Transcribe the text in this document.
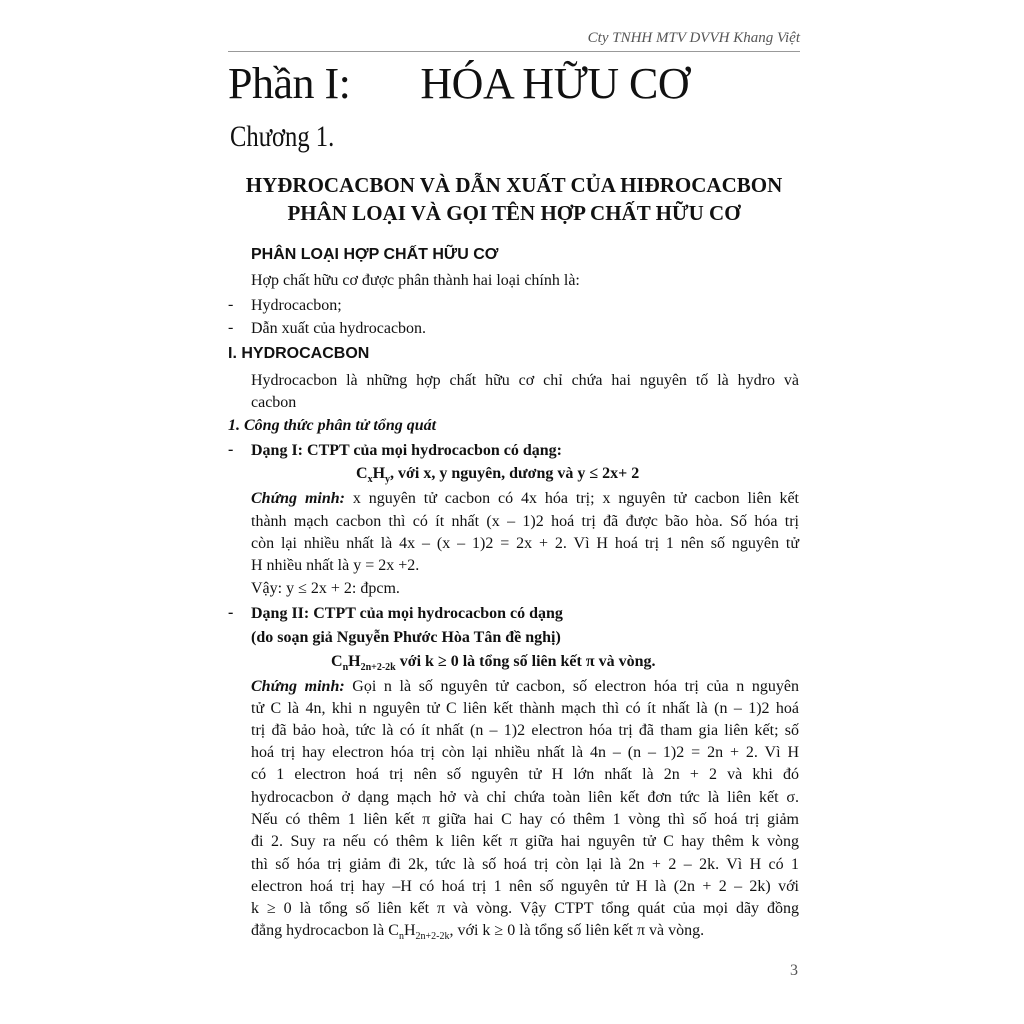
Cty TNHH MTV DVVH Khang Việt
Phần I: HÓA HỮU CƠ
Chương 1.
HYĐROCACBON VÀ DẪN XUẤT CỦA HIĐROCACBON
PHÂN LOẠI VÀ GỌI TÊN HỢP CHẤT HỮU CƠ
PHÂN LOẠI HỢP CHẤT HỮU CƠ
Hợp chất hữu cơ được phân thành hai loại chính là:
- Hydrocacbon;
- Dẫn xuất của hydrocacbon.
I. HYDROCACBON
Hydrocacbon là những hợp chất hữu cơ chỉ chứa hai nguyên tố là hydro và
cacbon
1. Công thức phân tử tổng quát
- Dạng I: CTPT của mọi hydrocacbon có dạng:
$C_xH_y$, với x, y nguyên, dương và y ≤ 2x+ 2
Chứng minh: x nguyên tử cacbon có 4x hóa trị; x nguyên tử cacbon liên kết
thành mạch cacbon thì có ít nhất (x – 1)2 hoá trị đã được bão hòa. Số hóa trị
còn lại nhiều nhất là 4x – (x – 1)2 = 2x + 2. Vì H hoá trị 1 nên số nguyên tử
H nhiều nhất là y = 2x +2.
Vậy: y ≤ 2x + 2: đpcm.
- Dạng II: CTPT của mọi hydrocacbon có dạng
(do soạn giả Nguyễn Phước Hòa Tân đề nghị)
$C_nH_{2n+2-2k}$ với k ≥ 0 là tổng số liên kết π và vòng.
Chứng minh: Gọi n là số nguyên tử cacbon, số electron hóa trị của n nguyên
tử C là 4n, khi n nguyên tử C liên kết thành mạch thì có ít nhất là (n – 1)2 hoá
trị đã bảo hoà, tức là có ít nhất (n – 1)2 electron hóa trị đã tham gia liên kết; số
hoá trị hay electron hóa trị còn lại nhiều nhất là 4n – (n – 1)2 = 2n + 2. Vì H
có 1 electron hoá trị nên số nguyên tử H lớn nhất là 2n + 2 và khi đó
hydrocacbon ở dạng mạch hở và chỉ chứa toàn liên kết đơn tức là liên kết σ.
Nếu có thêm 1 liên kết π giữa hai C hay có thêm 1 vòng thì số hoá trị giảm
đi 2. Suy ra nếu có thêm k liên kết π giữa hai nguyên tử C hay thêm k vòng
thì số hóa trị giảm đi 2k, tức là số hoá trị còn lại là 2n + 2 – 2k. Vì H có 1
electron hoá trị hay –H có hoá trị 1 nên số nguyên tử H là (2n + 2 – 2k) với
k ≥ 0 là tổng số liên kết π và vòng. Vậy CTPT tổng quát của mọi dãy đồng
đẳng hydrocacbon là $C_nH_{2n+2-2k}$, với k ≥ 0 là tổng số liên kết π và vòng.
3
